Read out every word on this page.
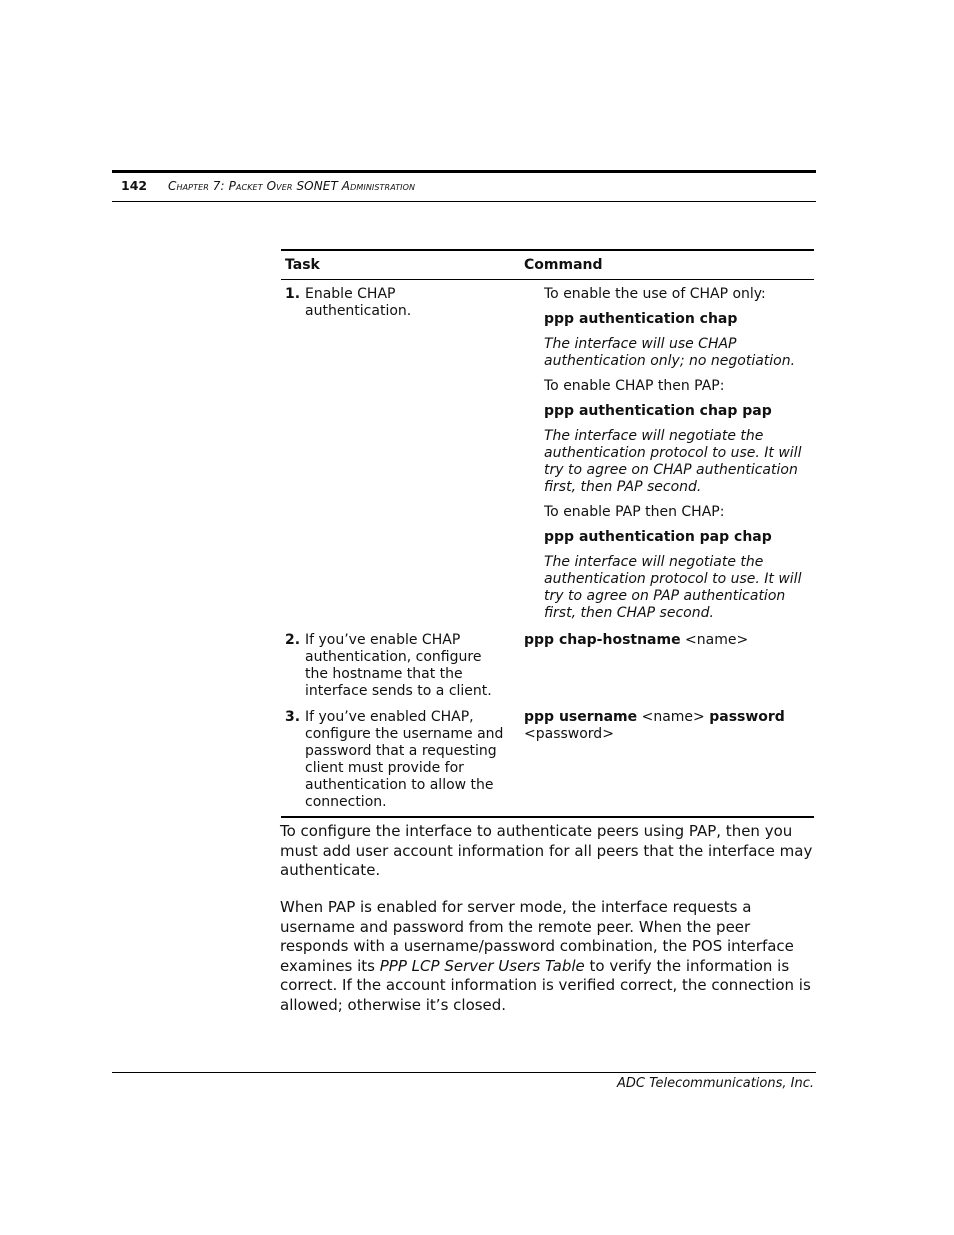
142 Chapter 7: Packet Over SONET Administration
Task	Command
1. Enable CHAP authentication.

To enable the use of CHAP only:

ppp authentication chap

The interface will use CHAP authentication only; no negotiation.

To enable CHAP then PAP:

ppp authentication chap pap

The interface will negotiate the authentication protocol to use. It will try to agree on CHAP authentication first, then PAP second.

To enable PAP then CHAP:

ppp authentication pap chap

The interface will negotiate the authentication protocol to use. It will try to agree on PAP authentication first, then CHAP second.

2. If you’ve enable CHAP authentication, configure the hostname that the interface sends to a client.
ppp chap-hostname <name>
3. If you’ve enabled CHAP, configure the username and password that a requesting client must provide for authentication to allow the connection.
ppp username <name> password
<password>

To configure the interface to authenticate peers using PAP, then you must add user account information for all peers that the interface may authenticate.

When PAP is enabled for server mode, the interface requests a username and password from the remote peer. When the peer responds with a username/password combination, the POS interface examines its PPP LCP Server Users Table to verify the information is correct. If the account information is verified correct, the connection is allowed; otherwise it’s closed.

ADC Telecommunications, Inc.
